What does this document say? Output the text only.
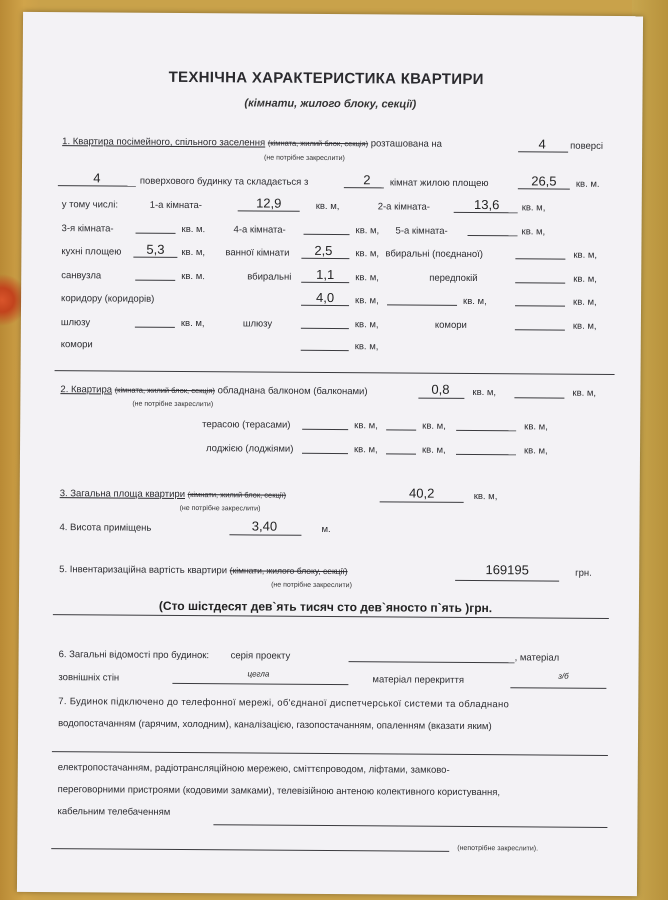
ТЕХНІЧНА ХАРАКТЕРИСТИКА КВАРТИРИ
(кімнати, жилого блоку, секції)
1. Квартира посімейного, спільного заселення (кімната, жилий блок, секція) розташована на	4	поверсі
(не потрібне закреслити)
4	поверхового будинку та складається з	2	кімнат жилою площею	26,5	кв. м.
у тому числі:	1-а кімната-	12,9	кв. м,	2-а кімната-	13,6	кв. м,
3-я кімната-	кв. м.	4-а кімната-	кв. м, 5-а кімната-	кв. м,
кухні площею	5,3	кв. м, ванної кімнати	2,5	кв. м, вбиральні (поєднаної)	кв. м,
санвузла	кв. м.	вбиральні	1,1	кв. м,	передпокій	кв. м,
коридору (коридорів)	4,0	кв. м,	кв. м,	кв. м,
шлюзу	кв. м,	шлюзу	кв. м,	комори	кв. м,
комори	кв. м,
2. Квартира (кімната, жилий блок, секція) обладнана балконом (балконами)	0,8	кв. м,	кв. м,
(не потрібне закреслити)
терасою (терасами)	кв. м,	кв. м,	кв. м,
лоджією (лоджіями)	кв. м,	кв. м,	кв. м,
3. Загальна площа квартири (кімнати, жилий блок, секції)	40,2	кв. м,
(не потрібне закреслити)
4. Висота приміщень	3,40	м.
5. Інвентаризаційна вартість квартири (кімнати, жилого блоку, секції)	169195	грн.
(не потрібне закреслити)
(Сто шістдесят дев`ять тисяч сто дев`яносто п`ять )грн.
6. Загальні відомості про будинок: серія проекту	, матеріал
зовнішніх стін	цегла
матеріал перекриття	з/б
7. Будинок підключено до телефонної мережі, об'єднаної диспетчерської системи та обладнано
водопостачанням (гарячим, холодним), каналізацією, газопостачанням, опаленням (вказати яким)
електропостачанням, радіотрансляційною мережею, сміттєпроводом, ліфтами, замково-
переговорними пристроями (кодовими замками), телевізійною антеною колективного користування,
кабельним телебаченням
(непотрібне закреслити).
